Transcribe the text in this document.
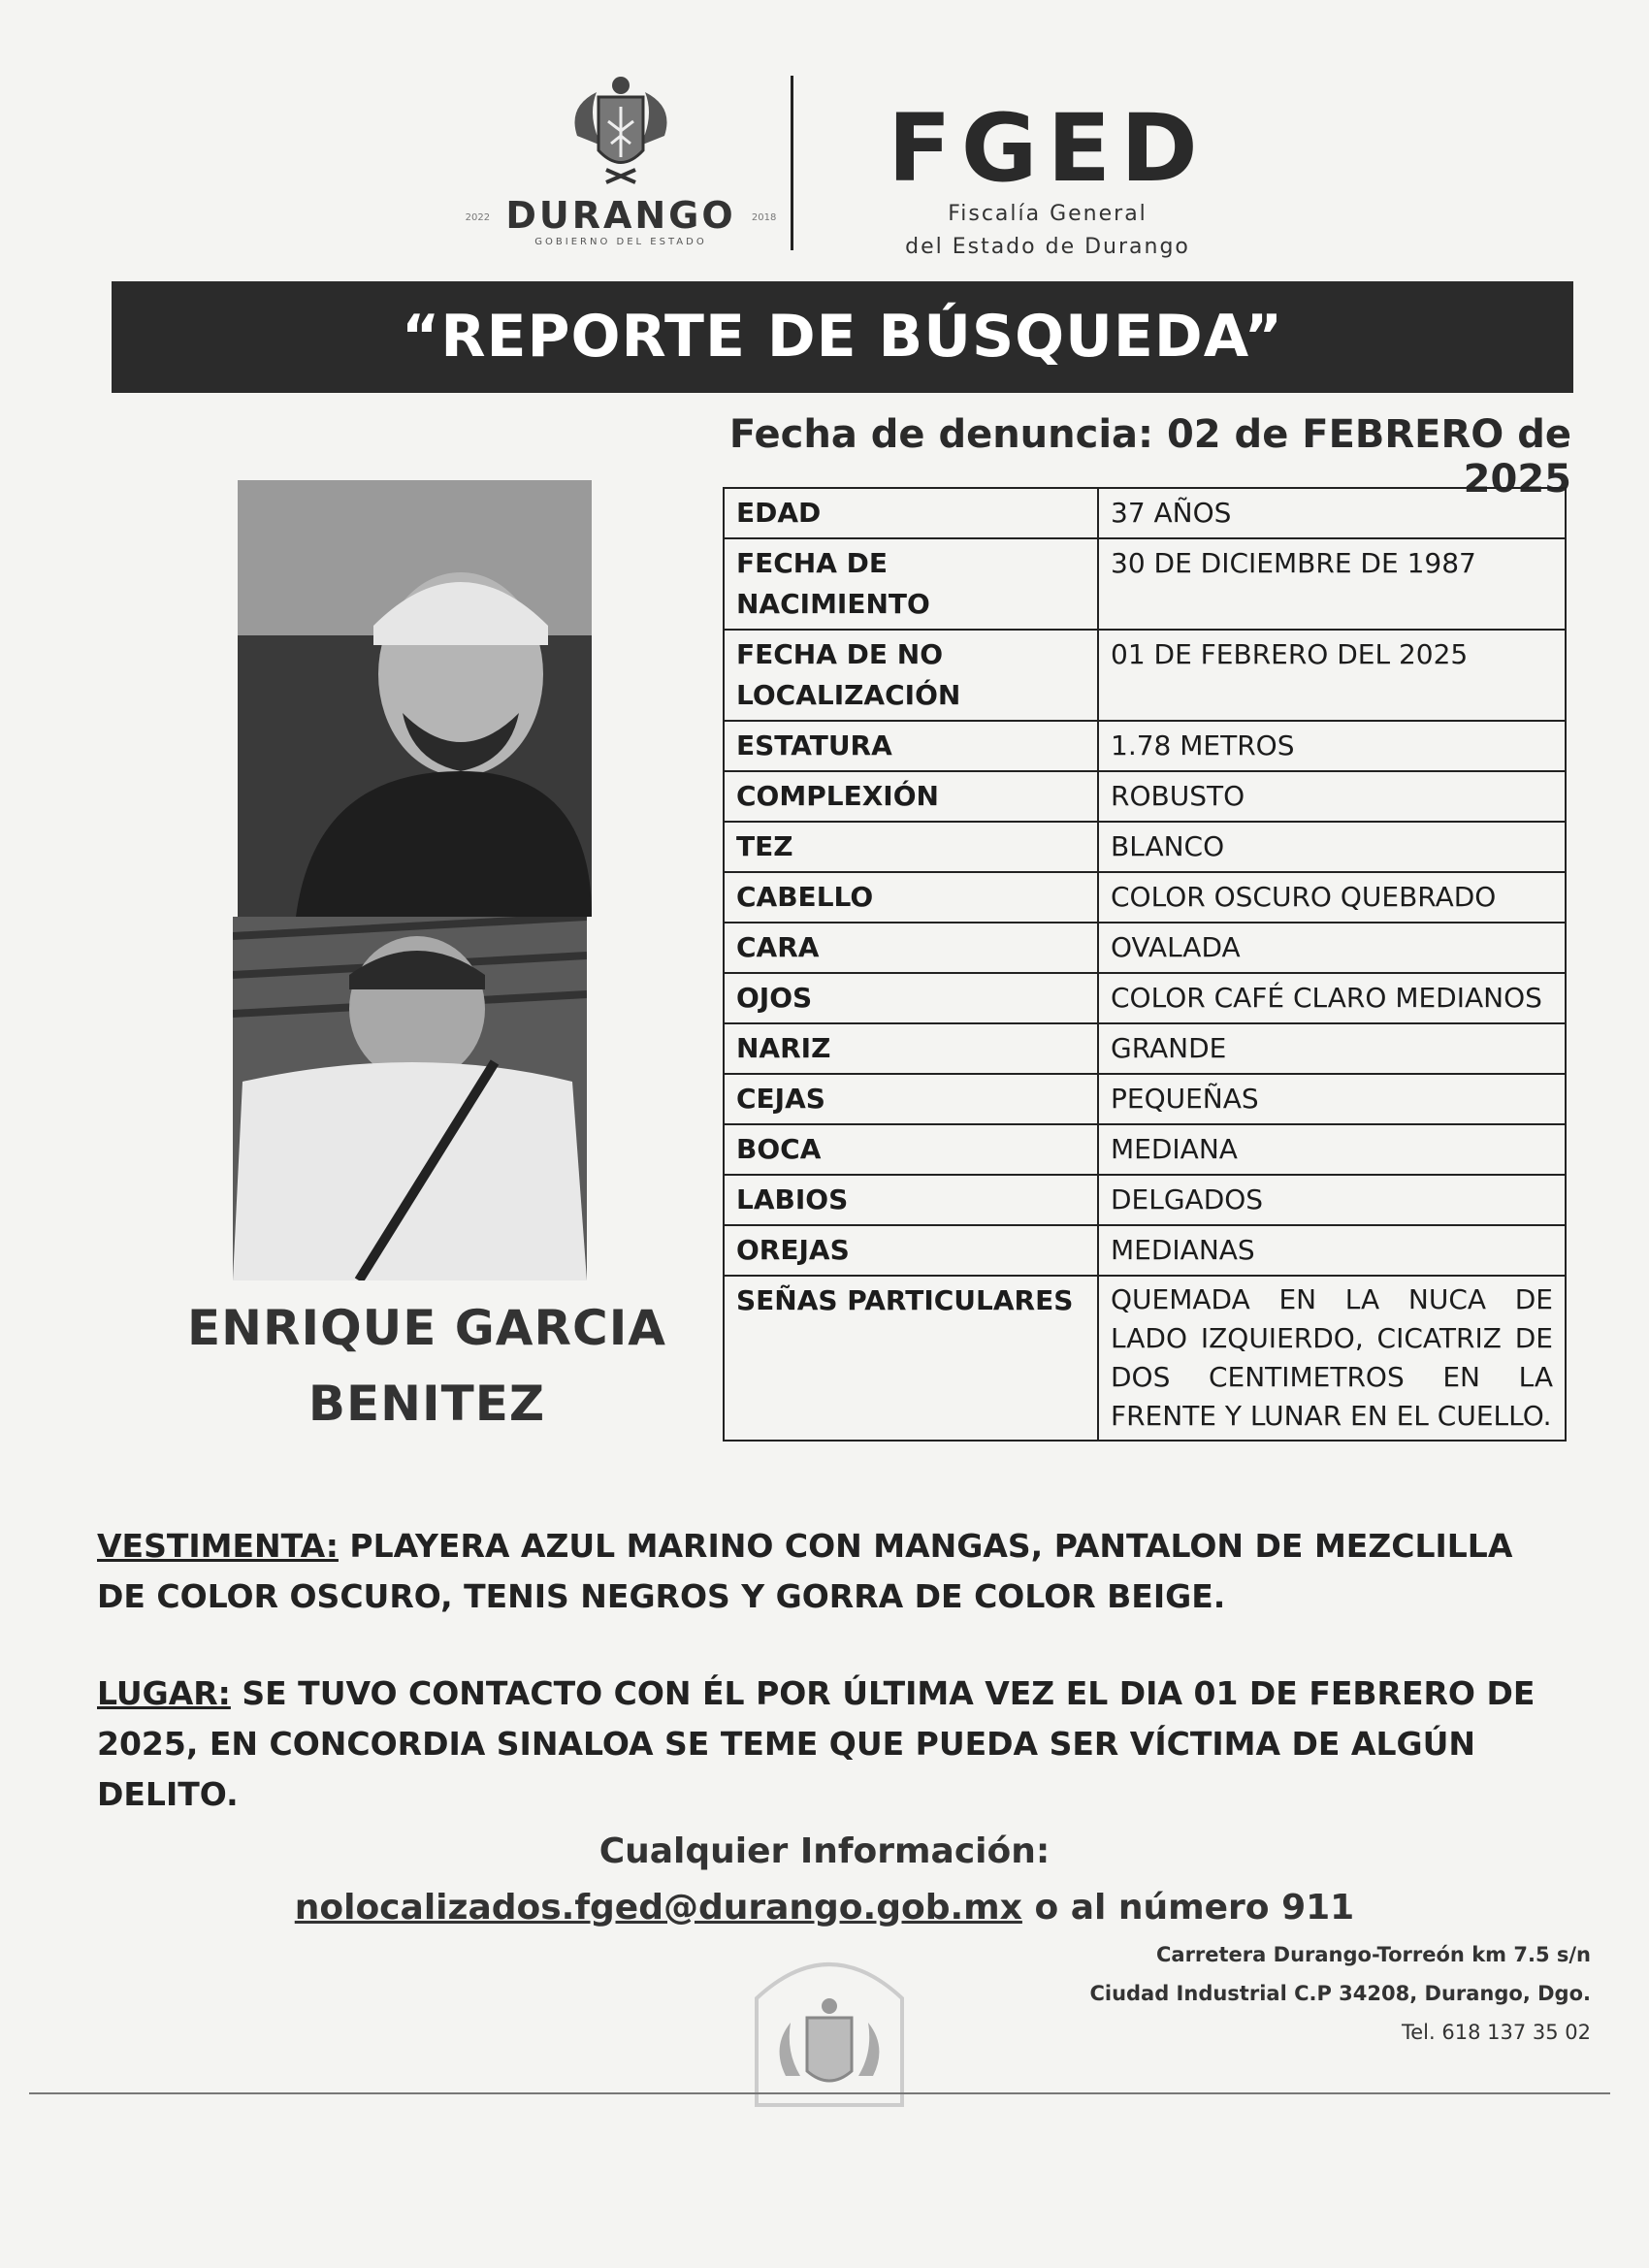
2022 DURANGO 2018
GOBIERNO DEL ESTADO
FGED
Fiscalía General
del Estado de Durango
“REPORTE DE BÚSQUEDA”
Fecha de denuncia: 02 de FEBRERO de 2025
ENRIQUE GARCIA
BENITEZ
EDAD	37 AÑOS
FECHA DE NACIMIENTO	30 DE DICIEMBRE DE 1987
FECHA DE NO LOCALIZACIÓN	01 DE FEBRERO DEL 2025
ESTATURA	1.78 METROS
COMPLEXIÓN	ROBUSTO
TEZ	BLANCO
CABELLO	COLOR OSCURO QUEBRADO
CARA	OVALADA
OJOS	COLOR CAFÉ CLARO MEDIANOS
NARIZ	GRANDE
CEJAS	PEQUEÑAS
BOCA	MEDIANA
LABIOS	DELGADOS
OREJAS	MEDIANAS
SEÑAS PARTICULARES	QUEMADA EN LA NUCA DE LADO IZQUIERDO, CICATRIZ DE DOS CENTIMETROS EN LA FRENTE Y LUNAR EN EL CUELLO.
VESTIMENTA: PLAYERA AZUL MARINO CON MANGAS, PANTALON DE MEZCLILLA DE COLOR OSCURO, TENIS NEGROS Y GORRA DE COLOR BEIGE.
LUGAR: SE TUVO CONTACTO CON ÉL POR ÚLTIMA VEZ EL DIA 01 DE FEBRERO DE 2025, EN CONCORDIA SINALOA SE TEME QUE PUEDA SER VÍCTIMA DE ALGÚN DELITO.
Cualquier Información:
nolocalizados.fged@durango.gob.mx o al número 911
Carretera Durango-Torreón km 7.5 s/n
Ciudad Industrial C.P 34208, Durango, Dgo.
Tel. 618 137 35 02
